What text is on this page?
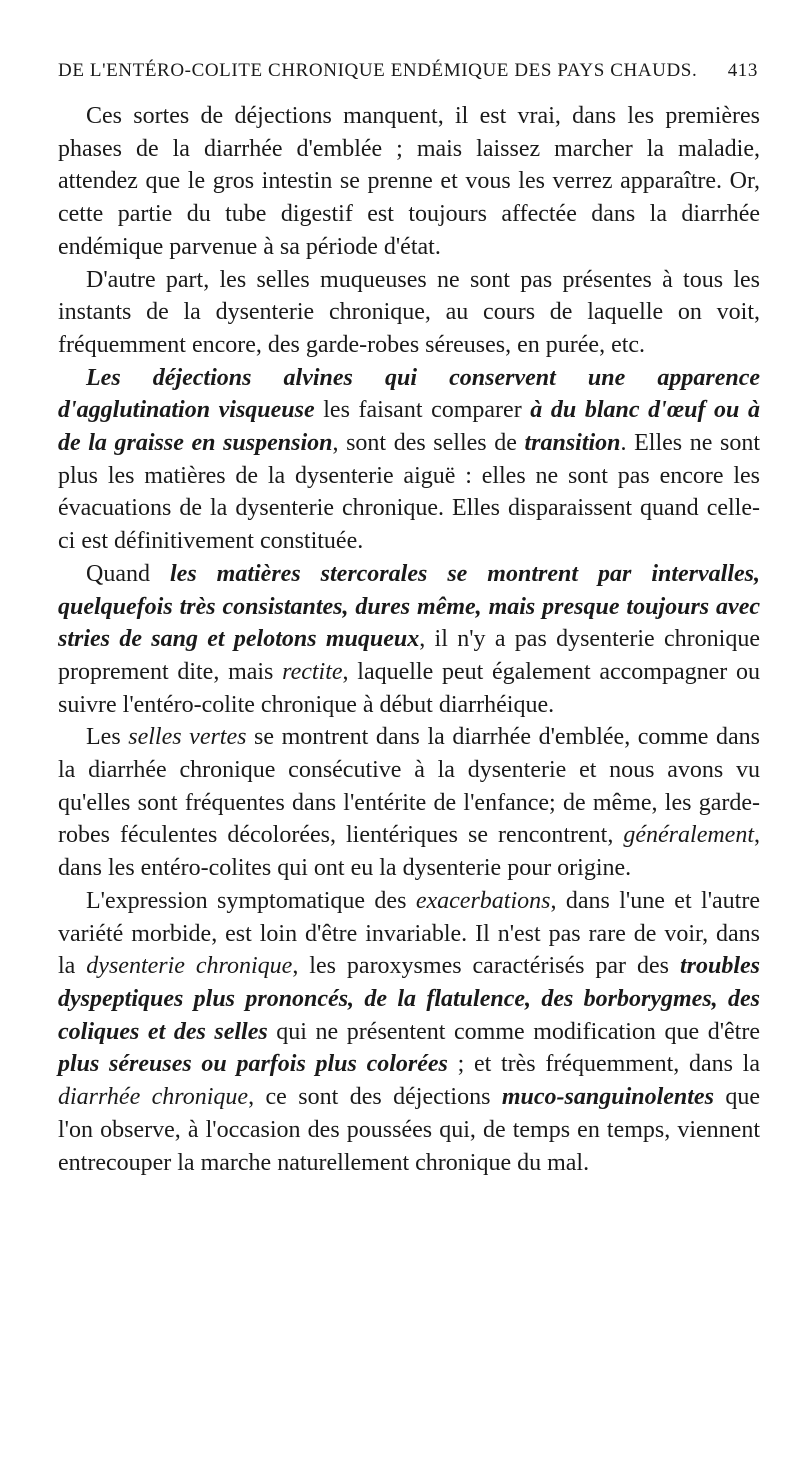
DE L'ENTÉRO-COLITE CHRONIQUE ENDÉMIQUE DES PAYS CHAUDS. 413

Ces sortes de déjections manquent, il est vrai, dans les premières phases de la diarrhée d'emblée ; mais laissez marcher la maladie, attendez que le gros intestin se prenne et vous les verrez apparaître. Or, cette partie du tube digestif est toujours affectée dans la diarrhée endémique parvenue à sa période d'état.

D'autre part, les selles muqueuses ne sont pas présentes à tous les instants de la dysenterie chronique, au cours de laquelle on voit, fréquemment encore, des garde-robes séreuses, en purée, etc.

Les déjections alvines qui conservent une apparence d'agglutination visqueuse les faisant comparer à du blanc d'œuf ou à de la graisse en suspension, sont des selles de transition. Elles ne sont plus les matières de la dysenterie aiguë : elles ne sont pas encore les évacuations de la dysenterie chronique. Elles disparaissent quand celle-ci est définitivement constituée.

Quand les matières stercorales se montrent par intervalles, quelquefois très consistantes, dures même, mais presque toujours avec stries de sang et pelotons muqueux, il n'y a pas dysenterie chronique proprement dite, mais rectite, laquelle peut également accompagner ou suivre l'entéro-colite chronique à début diarrhéique.

Les selles vertes se montrent dans la diarrhée d'emblée, comme dans la diarrhée chronique consécutive à la dysenterie et nous avons vu qu'elles sont fréquentes dans l'entérite de l'enfance; de même, les garde-robes féculentes décolorées, lientériques se rencontrent, généralement, dans les entéro-colites qui ont eu la dysenterie pour origine.

L'expression symptomatique des exacerbations, dans l'une et l'autre variété morbide, est loin d'être invariable. Il n'est pas rare de voir, dans la dysenterie chronique, les paroxysmes caractérisés par des troubles dyspeptiques plus prononcés, de la flatulence, des borborygmes, des coliques et des selles qui ne présentent comme modification que d'être plus séreuses ou parfois plus colorées ; et très fréquemment, dans la diarrhée chronique, ce sont des déjections muco-sanguinolentes que l'on observe, à l'occasion des poussées qui, de temps en temps, viennent entrecouper la marche naturellement chronique du mal.
